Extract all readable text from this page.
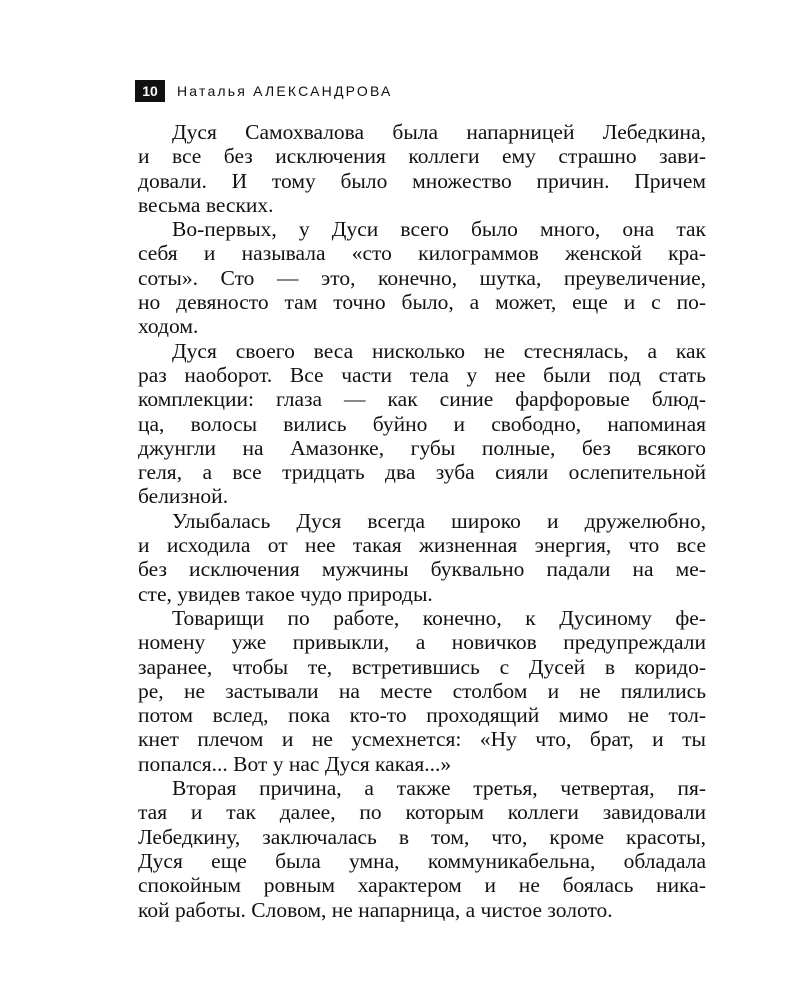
10	Наталья АЛЕКСАНДРОВА
Дуся Самохвалова была напарницей Лебедкина,
и все без исключения коллеги ему страшно зави-
довали. И тому было множество причин. Причем
весьма веских.
Во-первых, у Дуси всего было много, она так
себя и называла «сто килограммов женской кра-
соты». Сто — это, конечно, шутка, преувеличение,
но девяносто там точно было, а может, еще и с по-
ходом.
Дуся своего веса нисколько не стеснялась, а как
раз наоборот. Все части тела у нее были под стать
комплекции: глаза — как синие фарфоровые блюд-
ца, волосы вились буйно и свободно, напоминая
джунгли на Амазонке, губы полные, без всякого
геля, а все тридцать два зуба сияли ослепительной
белизной.
Улыбалась Дуся всегда широко и дружелюбно,
и исходила от нее такая жизненная энергия, что все
без исключения мужчины буквально падали на ме-
сте, увидев такое чудо природы.
Товарищи по работе, конечно, к Дусиному фе-
номену уже привыкли, а новичков предупреждали
заранее, чтобы те, встретившись с Дусей в коридо-
ре, не застывали на месте столбом и не пялились
потом вслед, пока кто-то проходящий мимо не тол-
кнет плечом и не усмехнется: «Ну что, брат, и ты
попался... Вот у нас Дуся какая...»
Вторая причина, а также третья, четвертая, пя-
тая и так далее, по которым коллеги завидовали
Лебедкину, заключалась в том, что, кроме красоты,
Дуся еще была умна, коммуникабельна, обладала
спокойным ровным характером и не боялась ника-
кой работы. Словом, не напарница, а чистое золото.
